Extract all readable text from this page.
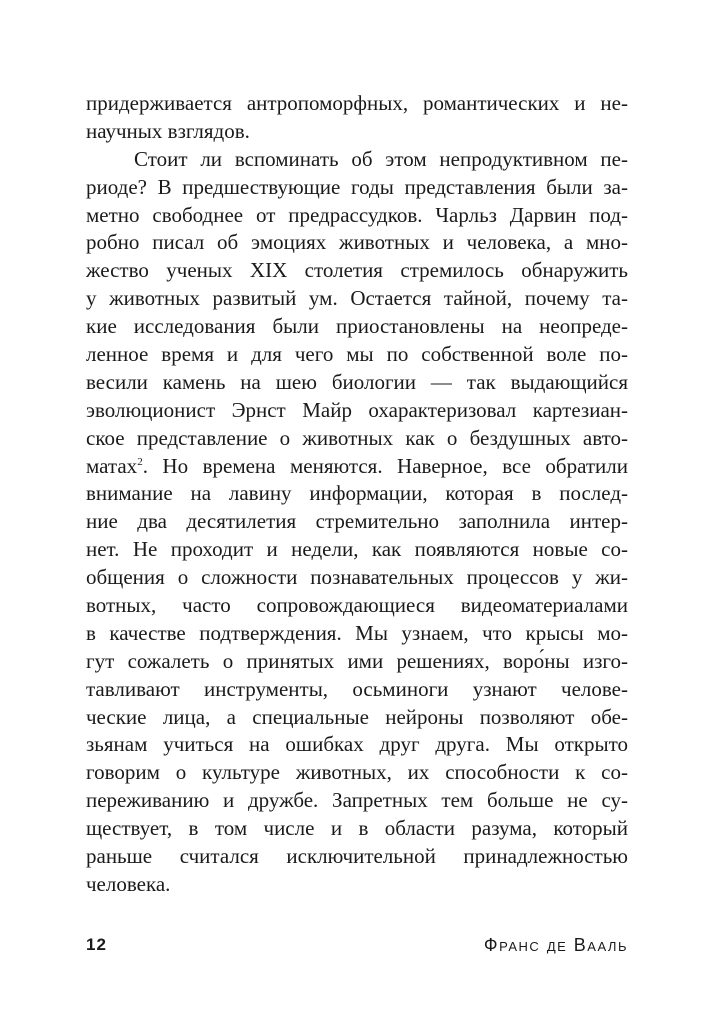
придерживается антропоморфных, романтических и не-
научных взглядов.
Стоит ли вспоминать об этом непродуктивном пе-
риоде? В предшествующие годы представления были за-
метно свободнее от предрассудков. Чарльз Дарвин под-
робно писал об эмоциях животных и человека, а мно-
жество ученых XIX столетия стремилось обнаружить
у животных развитый ум. Остается тайной, почему та-
кие исследования были приостановлены на неопреде-
ленное время и для чего мы по собственной воле по-
весили камень на шею биологии — так выдающийся
эволюционист Эрнст Майр охарактеризовал картезиан-
ское представление о животных как о бездушных авто-
матах$^2$. Но времена меняются. Наверное, все обратили
внимание на лавину информации, которая в послед-
ние два десятилетия стремительно заполнила интер-
нет. Не проходит и недели, как появляются новые со-
общения о сложности познавательных процессов у жи-
вотных, часто сопровождающиеся видеоматериалами
в качестве подтверждения. Мы узнаем, что крысы мо-
гут сожалеть о принятых ими решениях, воро́ны изго-
тавливают инструменты, осьминоги узнают челове-
ческие лица, а специальные нейроны позволяют обе-
зьянам учиться на ошибках друг друга. Мы открыто
говорим о культуре животных, их способности к со-
переживанию и дружбе. Запретных тем больше не су-
ществует, в том числе и в области разума, который
раньше считался исключительной принадлежностью
человека.
12	Франс де Вааль
